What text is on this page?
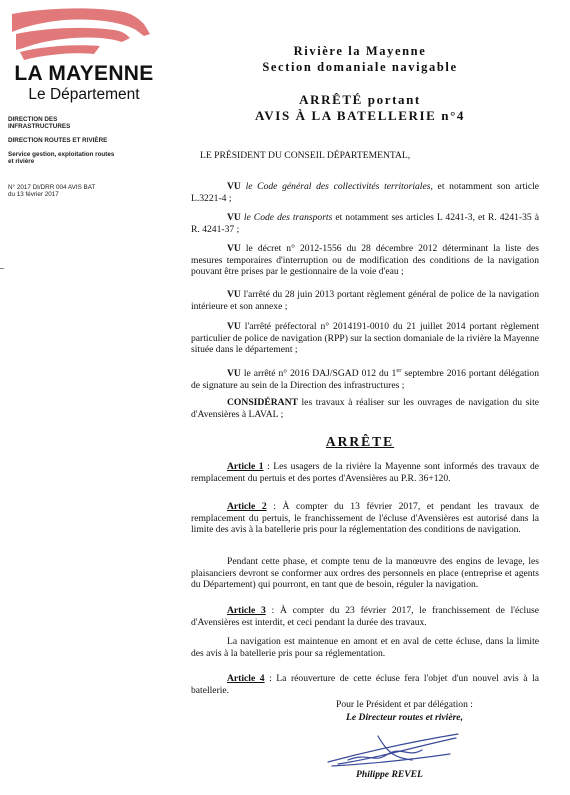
LA MAYENNE
Le Département
DIRECTION DES
INFRASTRUCTURES
DIRECTION ROUTES ET RIVIÈRE
Service gestion, exploitation routes
et rivière
N° 2017 DI/DRR 004 AVIS BAT
du 13 février 2017
Rivière la Mayenne
Section domaniale navigable
ARRÊTÉ portant
AVIS À LA BATELLERIE n°4
LE PRÉSIDENT DU CONSEIL DÉPARTEMENTAL,
VU le Code général des collectivités territoriales, et notamment son article L.3221-4 ;
VU le Code des transports et notamment ses articles L 4241-3, et R. 4241-35 à R. 4241-37 ;
VU le décret n° 2012-1556 du 28 décembre 2012 déterminant la liste des mesures temporaires d'interruption ou de modification des conditions de la navigation pouvant être prises par le gestionnaire de la voie d'eau ;
VU l'arrêté du 28 juin 2013 portant règlement général de police de la navigation intérieure et son annexe ;
VU l'arrêté préfectoral n° 2014191-0010 du 21 juillet 2014 portant règlement particulier de police de navigation (RPP) sur la section domaniale de la rivière la Mayenne située dans le département ;
VU le arrêté n° 2016 DAJ/SGAD 012 du 1er septembre 2016 portant délégation de signature au sein de la Direction des infrastructures ;
CONSIDÉRANT les travaux à réaliser sur les ouvrages de navigation du site d'Avensières à LAVAL ;
ARRÊTE
Article 1 : Les usagers de la rivière la Mayenne sont informés des travaux de remplacement du pertuis et des portes d'Avensières au P.R. 36+120.
Article 2 : À compter du 13 février 2017, et pendant les travaux de remplacement du pertuis, le franchissement de l'écluse d'Avensières est autorisé dans la limite des avis à la batellerie pris pour la réglementation des conditions de navigation.
Pendant cette phase, et compte tenu de la manœuvre des engins de levage, les plaisanciers devront se conformer aux ordres des personnels en place (entreprise et agents du Département) qui pourront, en tant que de besoin, réguler la navigation.
Article 3 : À compter du 23 février 2017, le franchissement de l'écluse d'Avensières est interdit, et ceci pendant la durée des travaux.
La navigation est maintenue en amont et en aval de cette écluse, dans la limite des avis à la batellerie pris pour sa réglementation.
Article 4 : La réouverture de cette écluse fera l'objet d'un nouvel avis à la batellerie.
Pour le Président et par délégation :
Le Directeur routes et rivière,
Philippe REVEL
